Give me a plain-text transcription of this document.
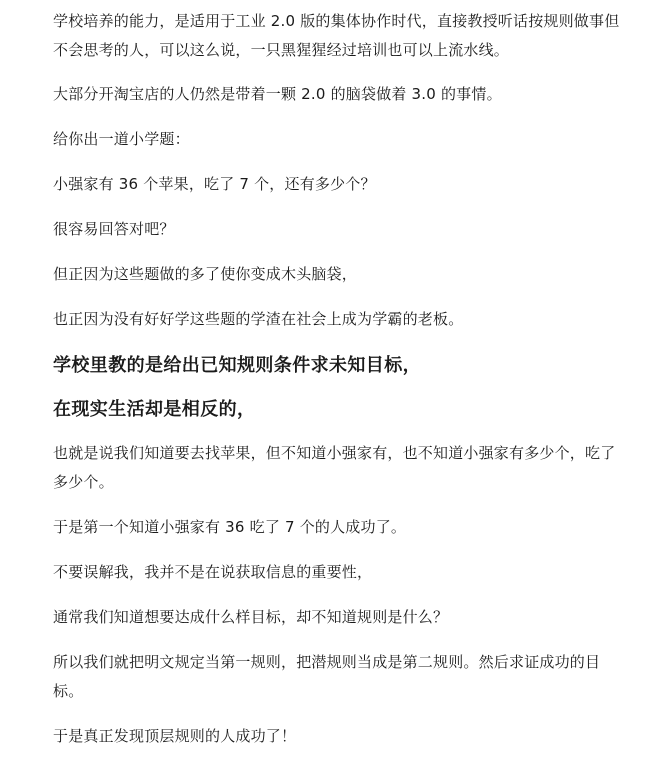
学校培养的能力，是适用于工业 2.0 版的集体协作时代，直接教授听话按规则做事但不会思考的人，可以这么说，一只黑猩猩经过培训也可以上流水线。

大部分开淘宝店的人仍然是带着一颗 2.0 的脑袋做着 3.0 的事情。

给你出一道小学题：

小强家有 36 个苹果，吃了 7 个，还有多少个？

很容易回答对吧？

但正因为这些题做的多了使你变成木头脑袋，

也正因为没有好好学这些题的学渣在社会上成为学霸的老板。

学校里教的是给出已知规则条件求未知目标，

在现实生活却是相反的，

也就是说我们知道要去找苹果，但不知道小强家有，也不知道小强家有多少个，吃了多少个。

于是第一个知道小强家有 36 吃了 7 个的人成功了。

不要误解我，我并不是在说获取信息的重要性，

通常我们知道想要达成什么样目标，却不知道规则是什么？

所以我们就把明文规定当第一规则，把潜规则当成是第二规则。然后求证成功的目标。

于是真正发现顶层规则的人成功了！
